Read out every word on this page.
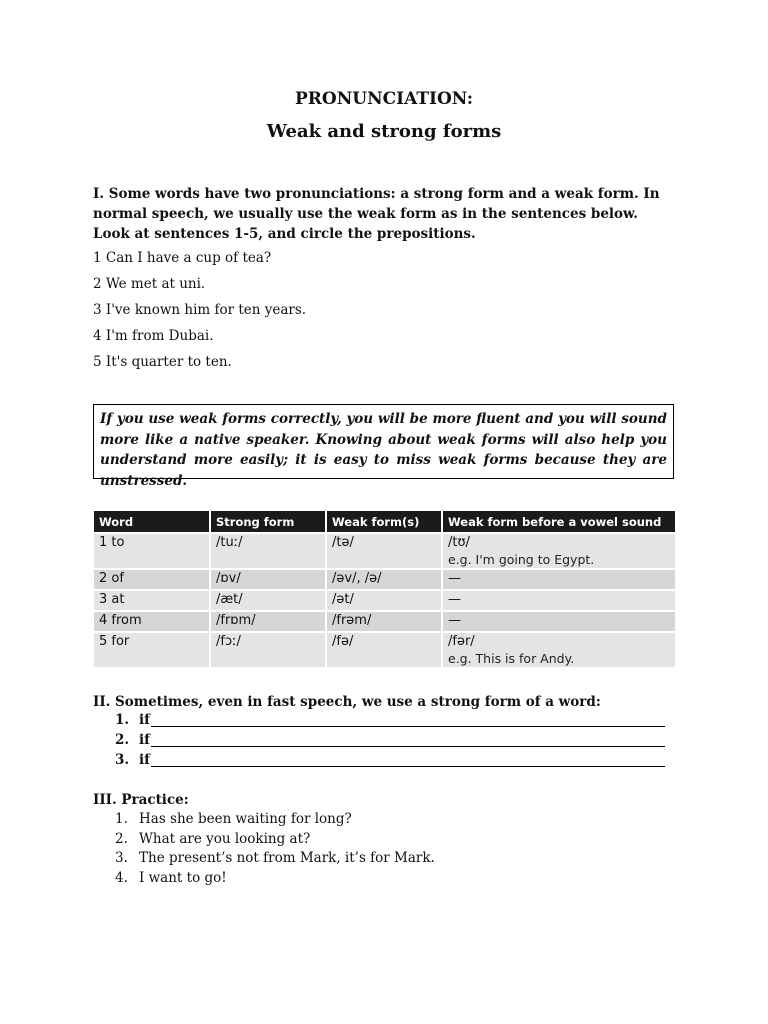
PRONUNCIATION:
Weak and strong forms
I. Some words have two pronunciations: a strong form and a weak form. In normal speech, we usually use the weak form as in the sentences below. Look at sentences 1-5, and circle the prepositions.
1 Can I have a cup of tea?
2 We met at uni.
3 I've known him for ten years.
4 I'm from Dubai.
5 It's quarter to ten.
If you use weak forms correctly, you will be more fluent and you will sound more like a native speaker. Knowing about weak forms will also help you understand more easily; it is easy to miss weak forms because they are unstressed.
Word	Strong form	Weak form(s)	Weak form before a vowel sound
1 to	/tuː/	/tə/	/tʊ/
e.g. I'm going to Egypt.

2 of	/ɒv/	/əv/, /ə/	—
3 at	/æt/	/ət/	—
4 from	/frɒm/	/frəm/	—
5 for	/fɔː/	/fə/	/fər/
e.g. This is for Andy.
II. Sometimes, even in fast speech, we use a strong form of a word:
1. if
2. if
3. if
III. Practice:
1. Has she been waiting for long?
2. What are you looking at?
3. The present’s not from Mark, it’s for Mark.
4. I want to go!
